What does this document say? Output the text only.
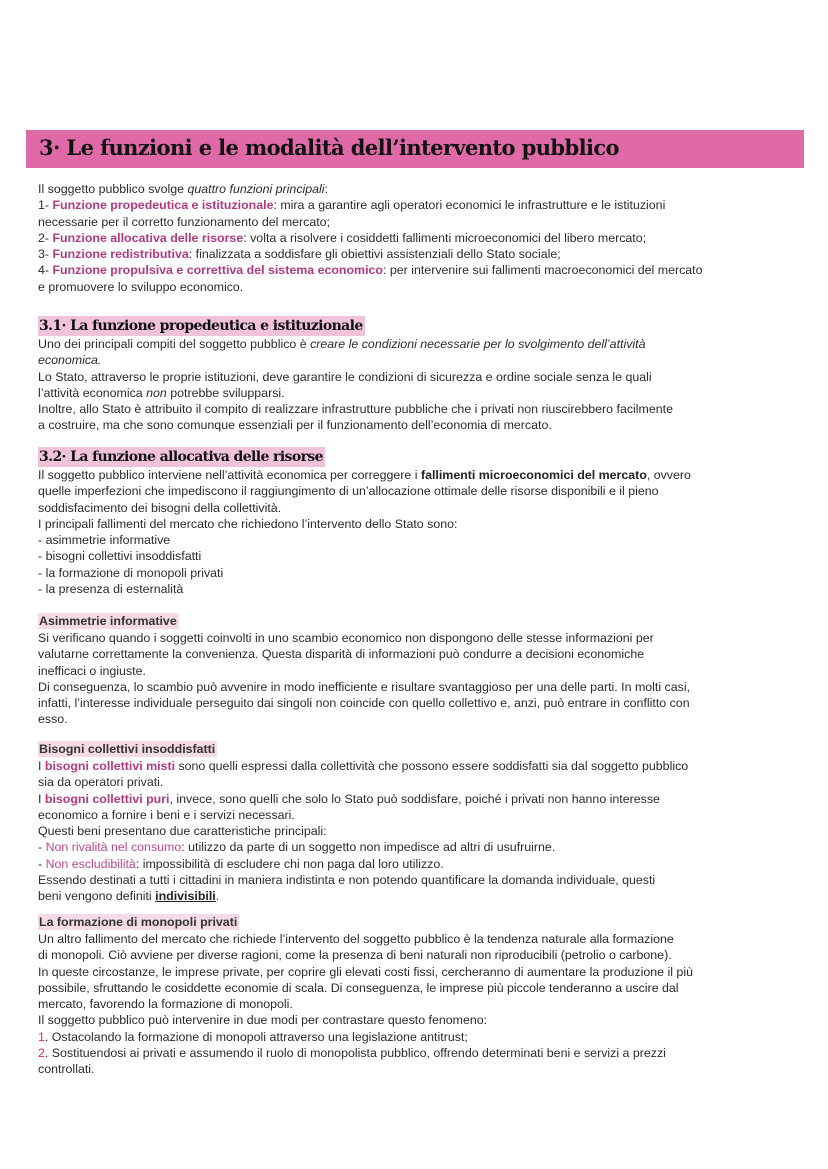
3· Le funzioni e le modalità dell’intervento pubblico
Il soggetto pubblico svolge quattro funzioni principali:
1- Funzione propedeutica e istituzionale: mira a garantire agli operatori economici le infrastrutture e le istituzioni
necessarie per il corretto funzionamento del mercato;
2- Funzione allocativa delle risorse: volta a risolvere i cosiddetti fallimenti microeconomici del libero mercato;
3- Funzione redistributiva: finalizzata a soddisfare gli obiettivi assistenziali dello Stato sociale;
4- Funzione propulsiva e correttiva del sistema economico: per intervenire sui fallimenti macroeconomici del mercato
e promuovere lo sviluppo economico.
3.1· La funzione propedeutica e istituzionale
Uno dei principali compiti del soggetto pubblico è creare le condizioni necessarie per lo svolgimento dell’attività
economica.
Lo Stato, attraverso le proprie istituzioni, deve garantire le condizioni di sicurezza e ordine sociale senza le quali
l’attività economica non potrebbe svilupparsi.
Inoltre, allo Stato è attribuito il compito di realizzare infrastrutture pubbliche che i privati non riuscirebbero facilmente
a costruire, ma che sono comunque essenziali per il funzionamento dell’economia di mercato.
3.2· La funzione allocativa delle risorse
Il soggetto pubblico interviene nell’attività economica per correggere i fallimenti microeconomici del mercato, ovvero
quelle imperfezioni che impediscono il raggiungimento di un’allocazione ottimale delle risorse disponibili e il pieno
soddisfacimento dei bisogni della collettività.
I principali fallimenti del mercato che richiedono l’intervento dello Stato sono:
- asimmetrie informative
- bisogni collettivi insoddisfatti
- la formazione di monopoli privati
- la presenza di esternalità
Asimmetrie informative
Si verificano quando i soggetti coinvolti in uno scambio economico non dispongono delle stesse informazioni per
valutarne correttamente la convenienza. Questa disparità di informazioni può condurre a decisioni economiche
inefficaci o ingiuste.
Di conseguenza, lo scambio può avvenire in modo inefficiente e risultare svantaggioso per una delle parti. In molti casi,
infatti, l’interesse individuale perseguito dai singoli non coincide con quello collettivo e, anzi, può entrare in conflitto con
esso.
Bisogni collettivi insoddisfatti
I bisogni collettivi misti sono quelli espressi dalla collettività che possono essere soddisfatti sia dal soggetto pubblico
sia da operatori privati.
I bisogni collettivi puri, invece, sono quelli che solo lo Stato può soddisfare, poiché i privati non hanno interesse
economico a fornire i beni e i servizi necessari.
Questi beni presentano due caratteristiche principali:
- Non rivalità nel consumo: utilizzo da parte di un soggetto non impedisce ad altri di usufruirne.
- Non escludibilità: impossibilità di escludere chi non paga dal loro utilizzo.
Essendo destinati a tutti i cittadini in maniera indistinta e non potendo quantificare la domanda individuale, questi
beni vengono definiti indivisibili.
La formazione di monopoli privati
Un altro fallimento del mercato che richiede l’intervento del soggetto pubblico è la tendenza naturale alla formazione
di monopoli. Ciò avviene per diverse ragioni, come la presenza di beni naturali non riproducibili (petrolio o carbone).
In queste circostanze, le imprese private, per coprire gli elevati costi fissi, cercheranno di aumentare la produzione il più
possibile, sfruttando le cosiddette economie di scala. Di conseguenza, le imprese più piccole tenderanno a uscire dal
mercato, favorendo la formazione di monopoli.
Il soggetto pubblico può intervenire in due modi per contrastare questo fenomeno:
1. Ostacolando la formazione di monopoli attraverso una legislazione antitrust;
2. Sostituendosi ai privati e assumendo il ruolo di monopolista pubblico, offrendo determinati beni e servizi a prezzi
controllati.
